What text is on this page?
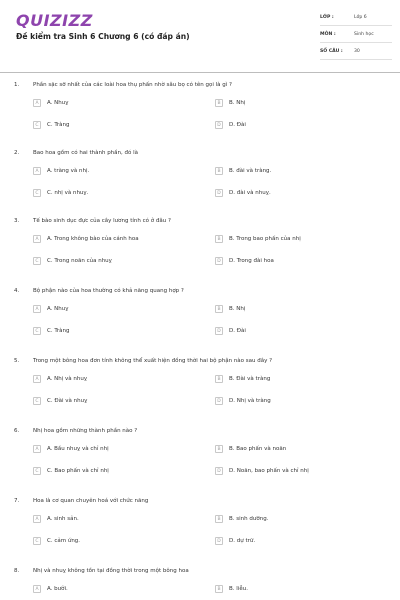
QUIZIZZ
Đề kiểm tra Sinh 6 Chương 6 (có đáp án)
LỚP :	Lớp 6
MÔN :	Sinh học
SỐ CÂU :	30
1.	Phần sặc sỡ nhất của các loài hoa thụ phấn nhờ sâu bọ có tên gọi là gì ?
A	A. Nhuỵ	B	B. Nhị
C	C. Tràng	D	D. Đài
2.	Bao hoa gồm có hai thành phần, đó là
A	A. tràng và nhị.	B	B. đài và tràng.
C	C. nhị và nhuỵ.	D	D. đài và nhuỵ.
3.	Tế bào sinh dục đực của cây lương tính có ở đâu ?
A	A. Trong không bào của cánh hoa	B	B. Trong bao phấn của nhị
C	C. Trong noãn của nhuỵ	D	D. Trong đài hoa
4.	Bộ phận nào của hoa thường có khả năng quang hợp ?
A	A. Nhuỵ	B	B. Nhị
C	C. Tràng	D	D. Đài
5.	Trong một bông hoa đơn tính không thể xuất hiện đồng thời hai bộ phận nào sau đây ?
A	A. Nhị và nhuỵ	B	B. Đài và tràng
C	C. Đài và nhuỵ	D	D. Nhị và tràng
6.	Nhị hoa gồm những thành phần nào ?
A	A. Bầu nhuỵ và chỉ nhị	B	B. Bao phấn và noãn
C	C. Bao phấn và chỉ nhị	D	D. Noãn, bao phấn và chỉ nhị
7.	Hoa là cơ quan chuyên hoá với chức năng
A	A. sinh sản.	B	B. sinh dưỡng.
C	C. cảm ứng.	D	D. dự trữ.
8.	Nhị và nhuỵ không tồn tại đồng thời trong một bông hoa
A	A. bưởi.	B	B. liễu.
